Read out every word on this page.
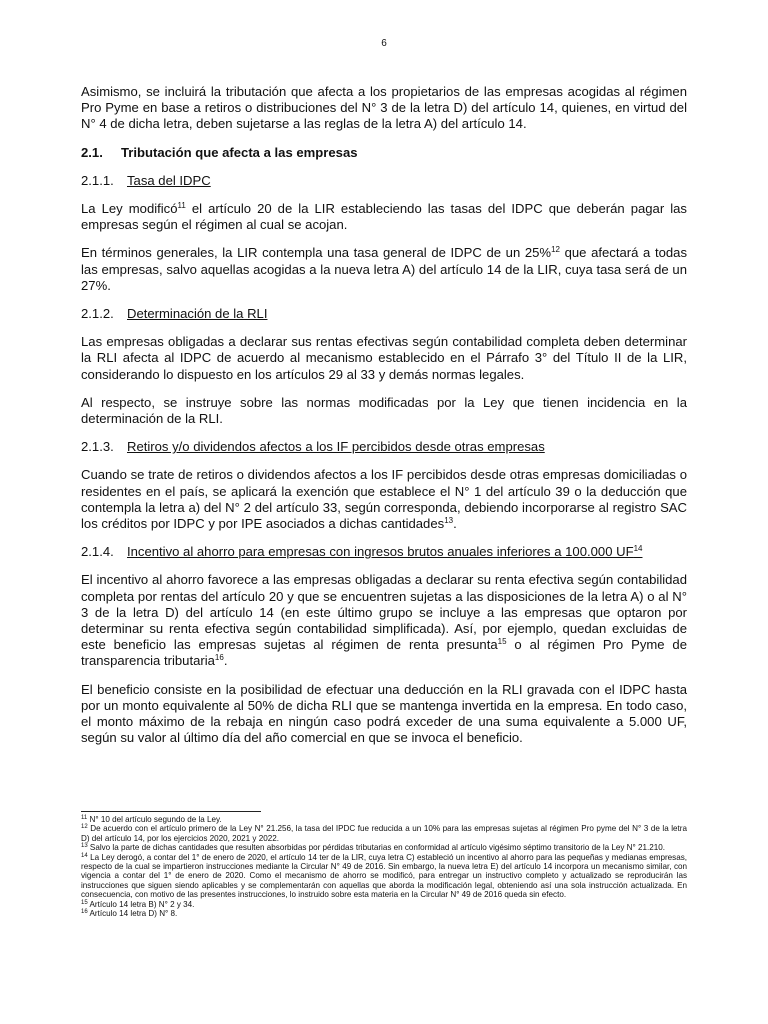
6

Asimismo, se incluirá la tributación que afecta a los propietarios de las empresas acogidas al régimen Pro Pyme en base a retiros o distribuciones del N° 3 de la letra D) del artículo 14, quienes, en virtud del N° 4 de dicha letra, deben sujetarse a las reglas de la letra A) del artículo 14.

2.1. Tributación que afecta a las empresas
2.1.1. Tasa del IDPC

La Ley modificó$^{11}$ el artículo 20 de la LIR estableciendo las tasas del IDPC que deberán pagar las empresas según el régimen al cual se acojan.

En términos generales, la LIR contempla una tasa general de IDPC de un 25%$^{12}$ que afectará a todas las empresas, salvo aquellas acogidas a la nueva letra A) del artículo 14 de la LIR, cuya tasa será de un 27%.

2.1.2. Determinación de la RLI

Las empresas obligadas a declarar sus rentas efectivas según contabilidad completa deben determinar la RLI afecta al IDPC de acuerdo al mecanismo establecido en el Párrafo 3° del Título II de la LIR, considerando lo dispuesto en los artículos 29 al 33 y demás normas legales.

Al respecto, se instruye sobre las normas modificadas por la Ley que tienen incidencia en la determinación de la RLI.

2.1.3. Retiros y/o dividendos afectos a los IF percibidos desde otras empresas

Cuando se trate de retiros o dividendos afectos a los IF percibidos desde otras empresas domiciliadas o residentes en el país, se aplicará la exención que establece el N° 1 del artículo 39 o la deducción que contempla la letra a) del N° 2 del artículo 33, según corresponda, debiendo incorporarse al registro SAC los créditos por IDPC y por IPE asociados a dichas cantidades$^{13}$.

2.1.4. Incentivo al ahorro para empresas con ingresos brutos anuales inferiores a 100.000 UF$^{14}$

El incentivo al ahorro favorece a las empresas obligadas a declarar su renta efectiva según contabilidad completa por rentas del artículo 20 y que se encuentren sujetas a las disposiciones de la letra A) o al N° 3 de la letra D) del artículo 14 (en este último grupo se incluye a las empresas que optaron por determinar su renta efectiva según contabilidad simplificada). Así, por ejemplo, quedan excluidas de este beneficio las empresas sujetas al régimen de renta presunta$^{15}$ o al régimen Pro Pyme de transparencia tributaria$^{16}$.

El beneficio consiste en la posibilidad de efectuar una deducción en la RLI gravada con el IDPC hasta por un monto equivalente al 50% de dicha RLI que se mantenga invertida en la empresa. En todo caso, el monto máximo de la rebaja en ningún caso podrá exceder de una suma equivalente a 5.000 UF, según su valor al último día del año comercial en que se invoca el beneficio.

$^{11}$ N° 10 del artículo segundo de la Ley.

$^{12}$ De acuerdo con el artículo primero de la Ley N° 21.256, la tasa del IPDC fue reducida a un 10% para las empresas sujetas al régimen Pro pyme del N° 3 de la letra D) del artículo 14, por los ejercicios 2020, 2021 y 2022.

$^{13}$ Salvo la parte de dichas cantidades que resulten absorbidas por pérdidas tributarias en conformidad al artículo vigésimo séptimo transitorio de la Ley N° 21.210.

$^{14}$ La Ley derogó, a contar del 1° de enero de 2020, el artículo 14 ter de la LIR, cuya letra C) estableció un incentivo al ahorro para las pequeñas y medianas empresas, respecto de la cual se impartieron instrucciones mediante la Circular N° 49 de 2016. Sin embargo, la nueva letra E) del artículo 14 incorpora un mecanismo similar, con vigencia a contar del 1° de enero de 2020. Como el mecanismo de ahorro se modificó, para entregar un instructivo completo y actualizado se reproducirán las instrucciones que siguen siendo aplicables y se complementarán con aquellas que aborda la modificación legal, obteniendo así una sola instrucción actualizada. En consecuencia, con motivo de las presentes instrucciones, lo instruido sobre esta materia en la Circular N° 49 de 2016 queda sin efecto.

$^{15}$ Artículo 14 letra B) N° 2 y 34.

$^{16}$ Artículo 14 letra D) N° 8.
